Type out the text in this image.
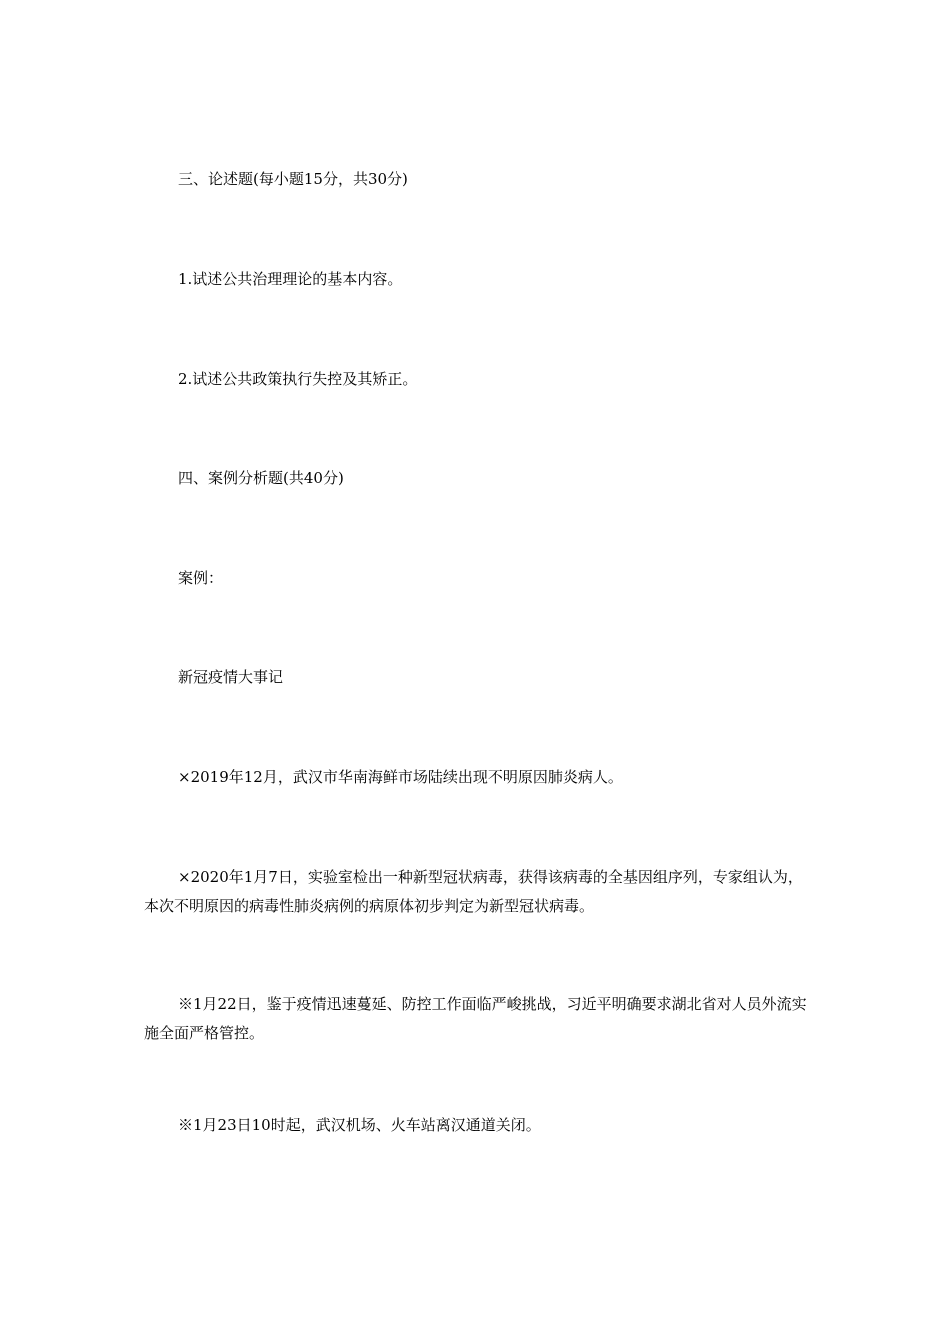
三、论述题(每小题15分，共30分)

1.试述公共治理理论的基本内容。

2.试述公共政策执行失控及其矫正。

四、案例分析题(共40分)

案例：

新冠疫情大事记

×2019年12月，武汉市华南海鲜市场陆续出现不明原因肺炎病人。

×2020年1月7日，实验室检出一种新型冠状病毒，获得该病毒的全基因组序列，专家组认为，本次不明原因的病毒性肺炎病例的病原体初步判定为新型冠状病毒。

※1月22日，鉴于疫情迅速蔓延、防控工作面临严峻挑战，习近平明确要求湖北省对人员外流实施全面严格管控。

※1月23日10时起，武汉机场、火车站离汉通道关闭。
